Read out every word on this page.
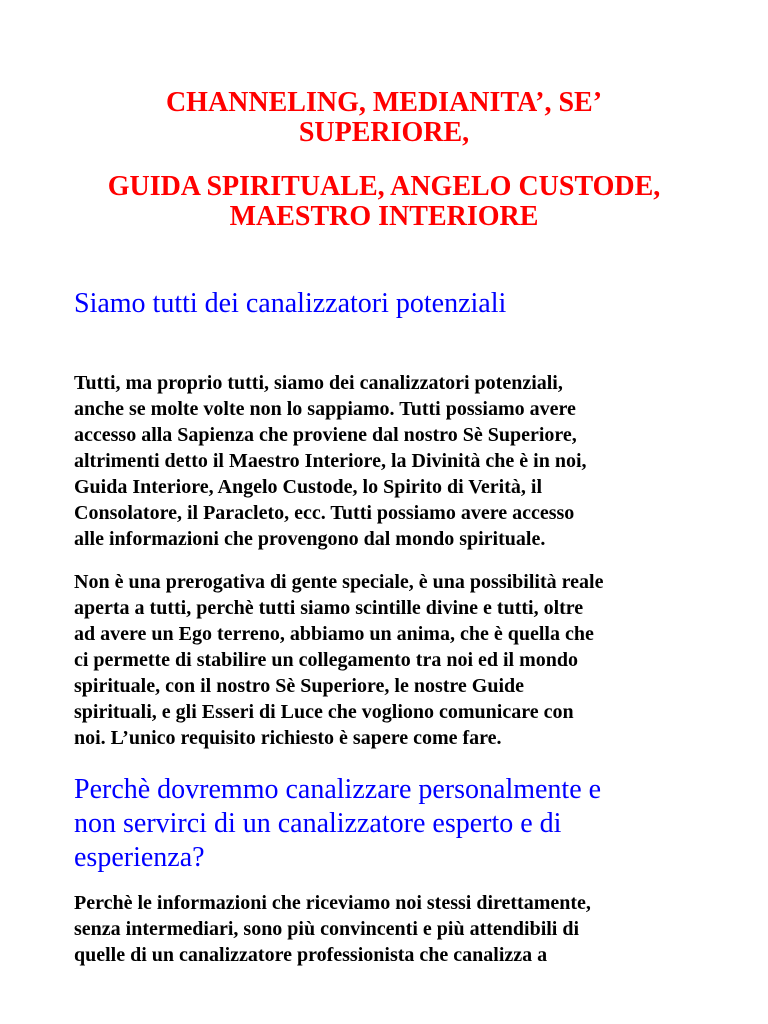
CHANNELING, MEDIANITA’, SE’
SUPERIORE,
GUIDA SPIRITUALE, ANGELO CUSTODE,
MAESTRO INTERIORE
Siamo tutti dei canalizzatori potenziali

Tutti, ma proprio tutti, siamo dei canalizzatori potenziali,
anche se molte volte non lo sappiamo. Tutti possiamo avere
accesso alla Sapienza che proviene dal nostro Sè Superiore,
altrimenti detto il Maestro Interiore, la Divinità che è in noi,
Guida Interiore, Angelo Custode, lo Spirito di Verità, il
Consolatore, il Paracleto, ecc. Tutti possiamo avere accesso
alle informazioni che provengono dal mondo spirituale.

Non è una prerogativa di gente speciale, è una possibilità reale
aperta a tutti, perchè tutti siamo scintille divine e tutti, oltre
ad avere un Ego terreno, abbiamo un anima, che è quella che
ci permette di stabilire un collegamento tra noi ed il mondo
spirituale, con il nostro Sè Superiore, le nostre Guide
spirituali, e gli Esseri di Luce che vogliono comunicare con
noi. L’unico requisito richiesto è sapere come fare.

Perchè dovremmo canalizzare personalmente e
non servirci di un canalizzatore esperto e di
esperienza?

Perchè le informazioni che riceviamo noi stessi direttamente,
senza intermediari, sono più convincenti e più attendibili di
quelle di un canalizzatore professionista che canalizza a
